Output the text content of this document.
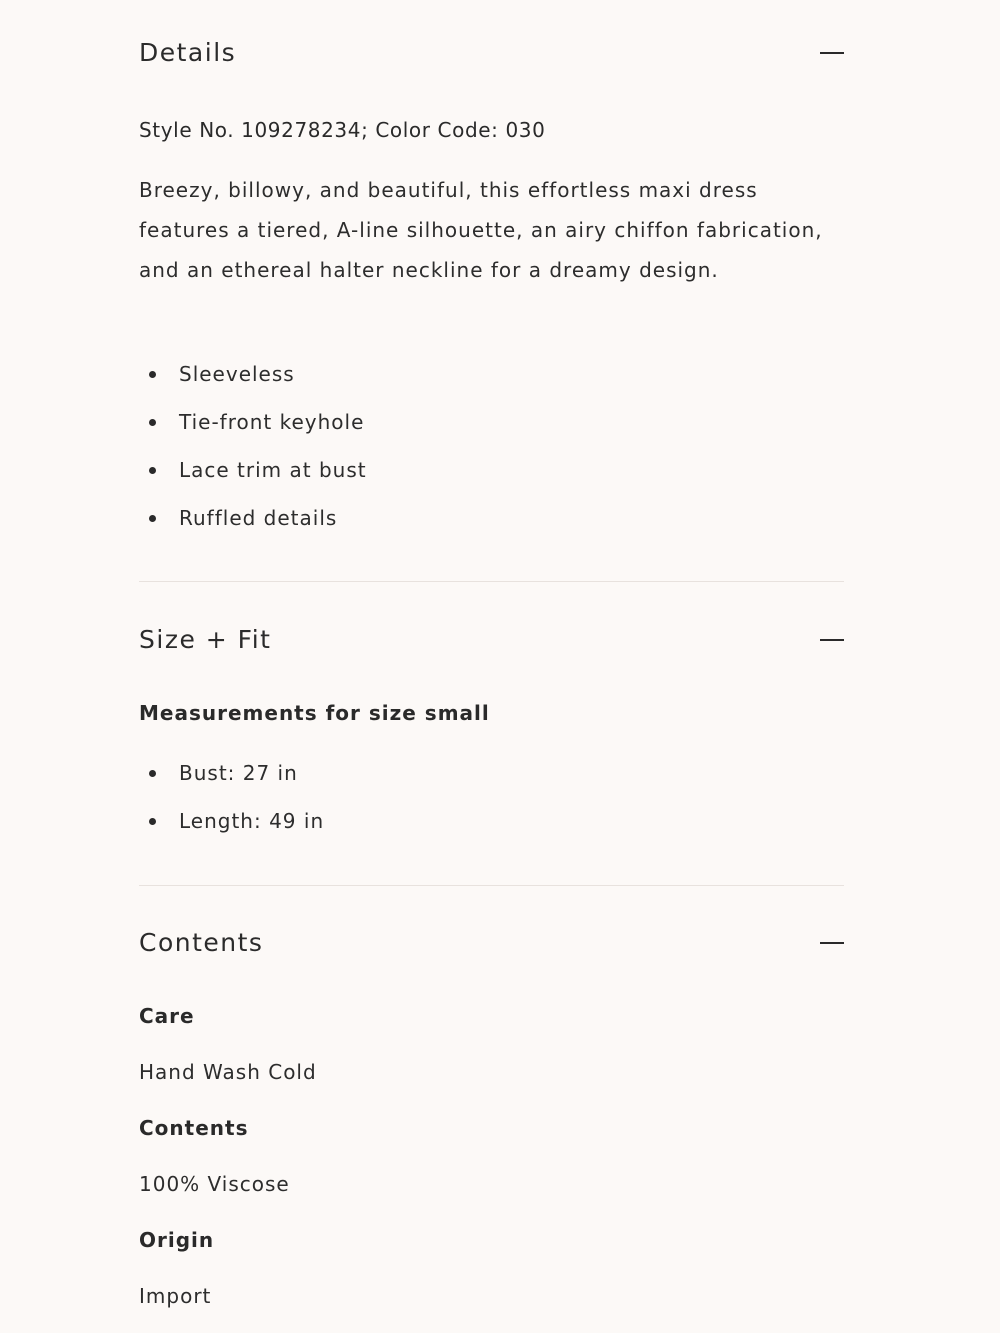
Details

Style No. 109278234; Color Code: 030

Breezy, billowy, and beautiful, this effortless maxi dress features a tiered, A-line silhouette, an airy chiffon fabrication, and an ethereal halter neckline for a dreamy design.

Sleeveless
Tie-front keyhole
Lace trim at bust
Ruffled details
Size + Fit

Measurements for size small

Bust: 27 in
Length: 49 in
Contents

Care

Hand Wash Cold

Contents

100% Viscose

Origin

Import
